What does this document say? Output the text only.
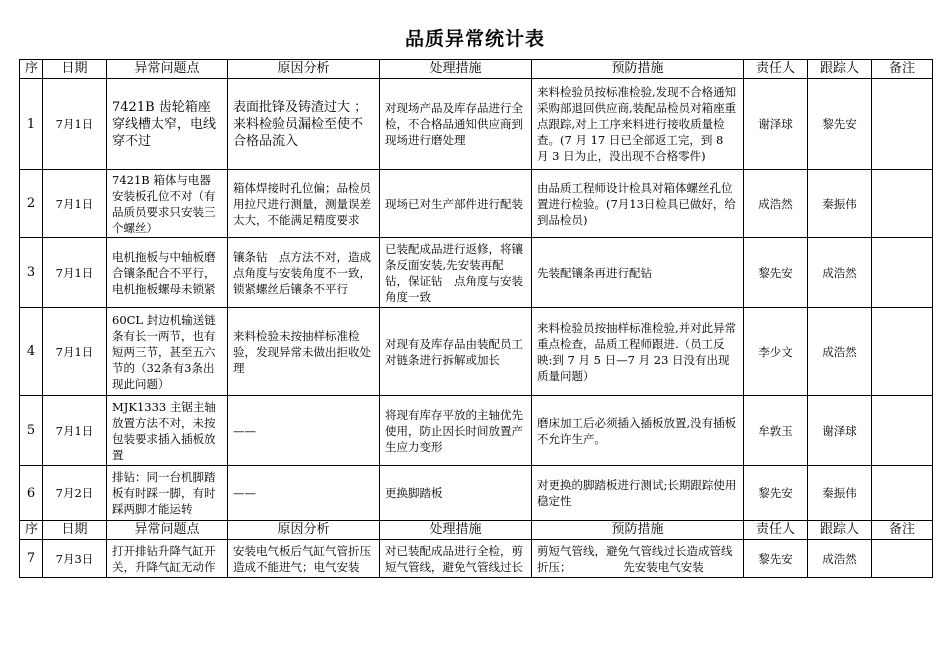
品质异常统计表
序	日期	异常问题点	原因分析	处理措施	预防措施	责任人	跟踪人	备注
1	7月1日	7421B 齿轮箱座穿线槽太窄，电线穿不过	表面批锋及铸渣过大 ；来料检验员漏检至使不合格品流入	对现场产品及库存品进行全检，不合格品通知供应商到现场进行磨处理	来料检验员按标准检验,发现不合格通知采购部退回供应商,装配品检员对箱座重点跟踪,对上工序来料进行接收质量检查。(7 月 17 日已全部返工完，到 8 月 3 日为止，没出现不合格零件)	谢泽球	黎先安	
2	7月1日	7421B 箱体与电器安装板孔位不对（有品质员要求只安装三个螺丝）	箱体焊接时孔位偏；品检员用拉尺进行测量，测量误差太大，不能满足精度要求	现场已对生产部件进行配装	由品质工程师设计检具对箱体螺丝孔位置进行检验。(7月13日检具已做好，给到品检员)	成浩然	秦振伟	
3	7月1日	电机拖板与中轴板磨合镶条配合不平行，电机拖板螺母未锁紧	镶条钻　点方法不对，造成点角度与安装角度不一致，锁紧螺丝后镶条不平行	已装配成品进行返修，将镶条反面安装,先安装再配钻，保证钻　点角度与安装角度一致	先装配镶条再进行配钻	黎先安	成浩然	
4	7月1日	60CL 封边机输送链条有长一两节，也有短两三节，甚至五六节的（32条有3条出现此问题）	来料检验未按抽样标准检验，发现异常未做出拒收处理	对现有及库存品由装配员工对链条进行拆解或加长	来料检验员按抽样标准检验,并对此异常重点检查，品质工程师跟进.（员工反映:到 7 月 5 日—7 月 23 日没有出现质量问题）	李少文	成浩然	
5	7月1日	MJK1333 主锯主轴放置方法不对，未按包装要求插入插板放置	——	将现有库存平放的主轴优先使用，防止因长时间放置产生应力变形	磨床加工后必须插入插板放置,没有插板不允许生产。	牟敦玉	谢泽球	
6	7月2日	排钻：同一台机脚踏板有时踩一脚，有时踩两脚才能运转	——	更换脚踏板	对更换的脚踏板进行测试;长期跟踪使用稳定性	黎先安	秦振伟	
序	日期	异常问题点	原因分析	处理措施	预防措施	责任人	跟踪人	备注
7	7月3日	打开排钻升降气缸开关，升降气缸无动作	安装电气板后气缸气管折压造成不能进气；电气安装	对已装配成品进行全检，剪短气管线，避免气管线过长	剪短气管线，避免气管线过长造成管线折压；　　　　　先安装电气安装	黎先安	成浩然	
